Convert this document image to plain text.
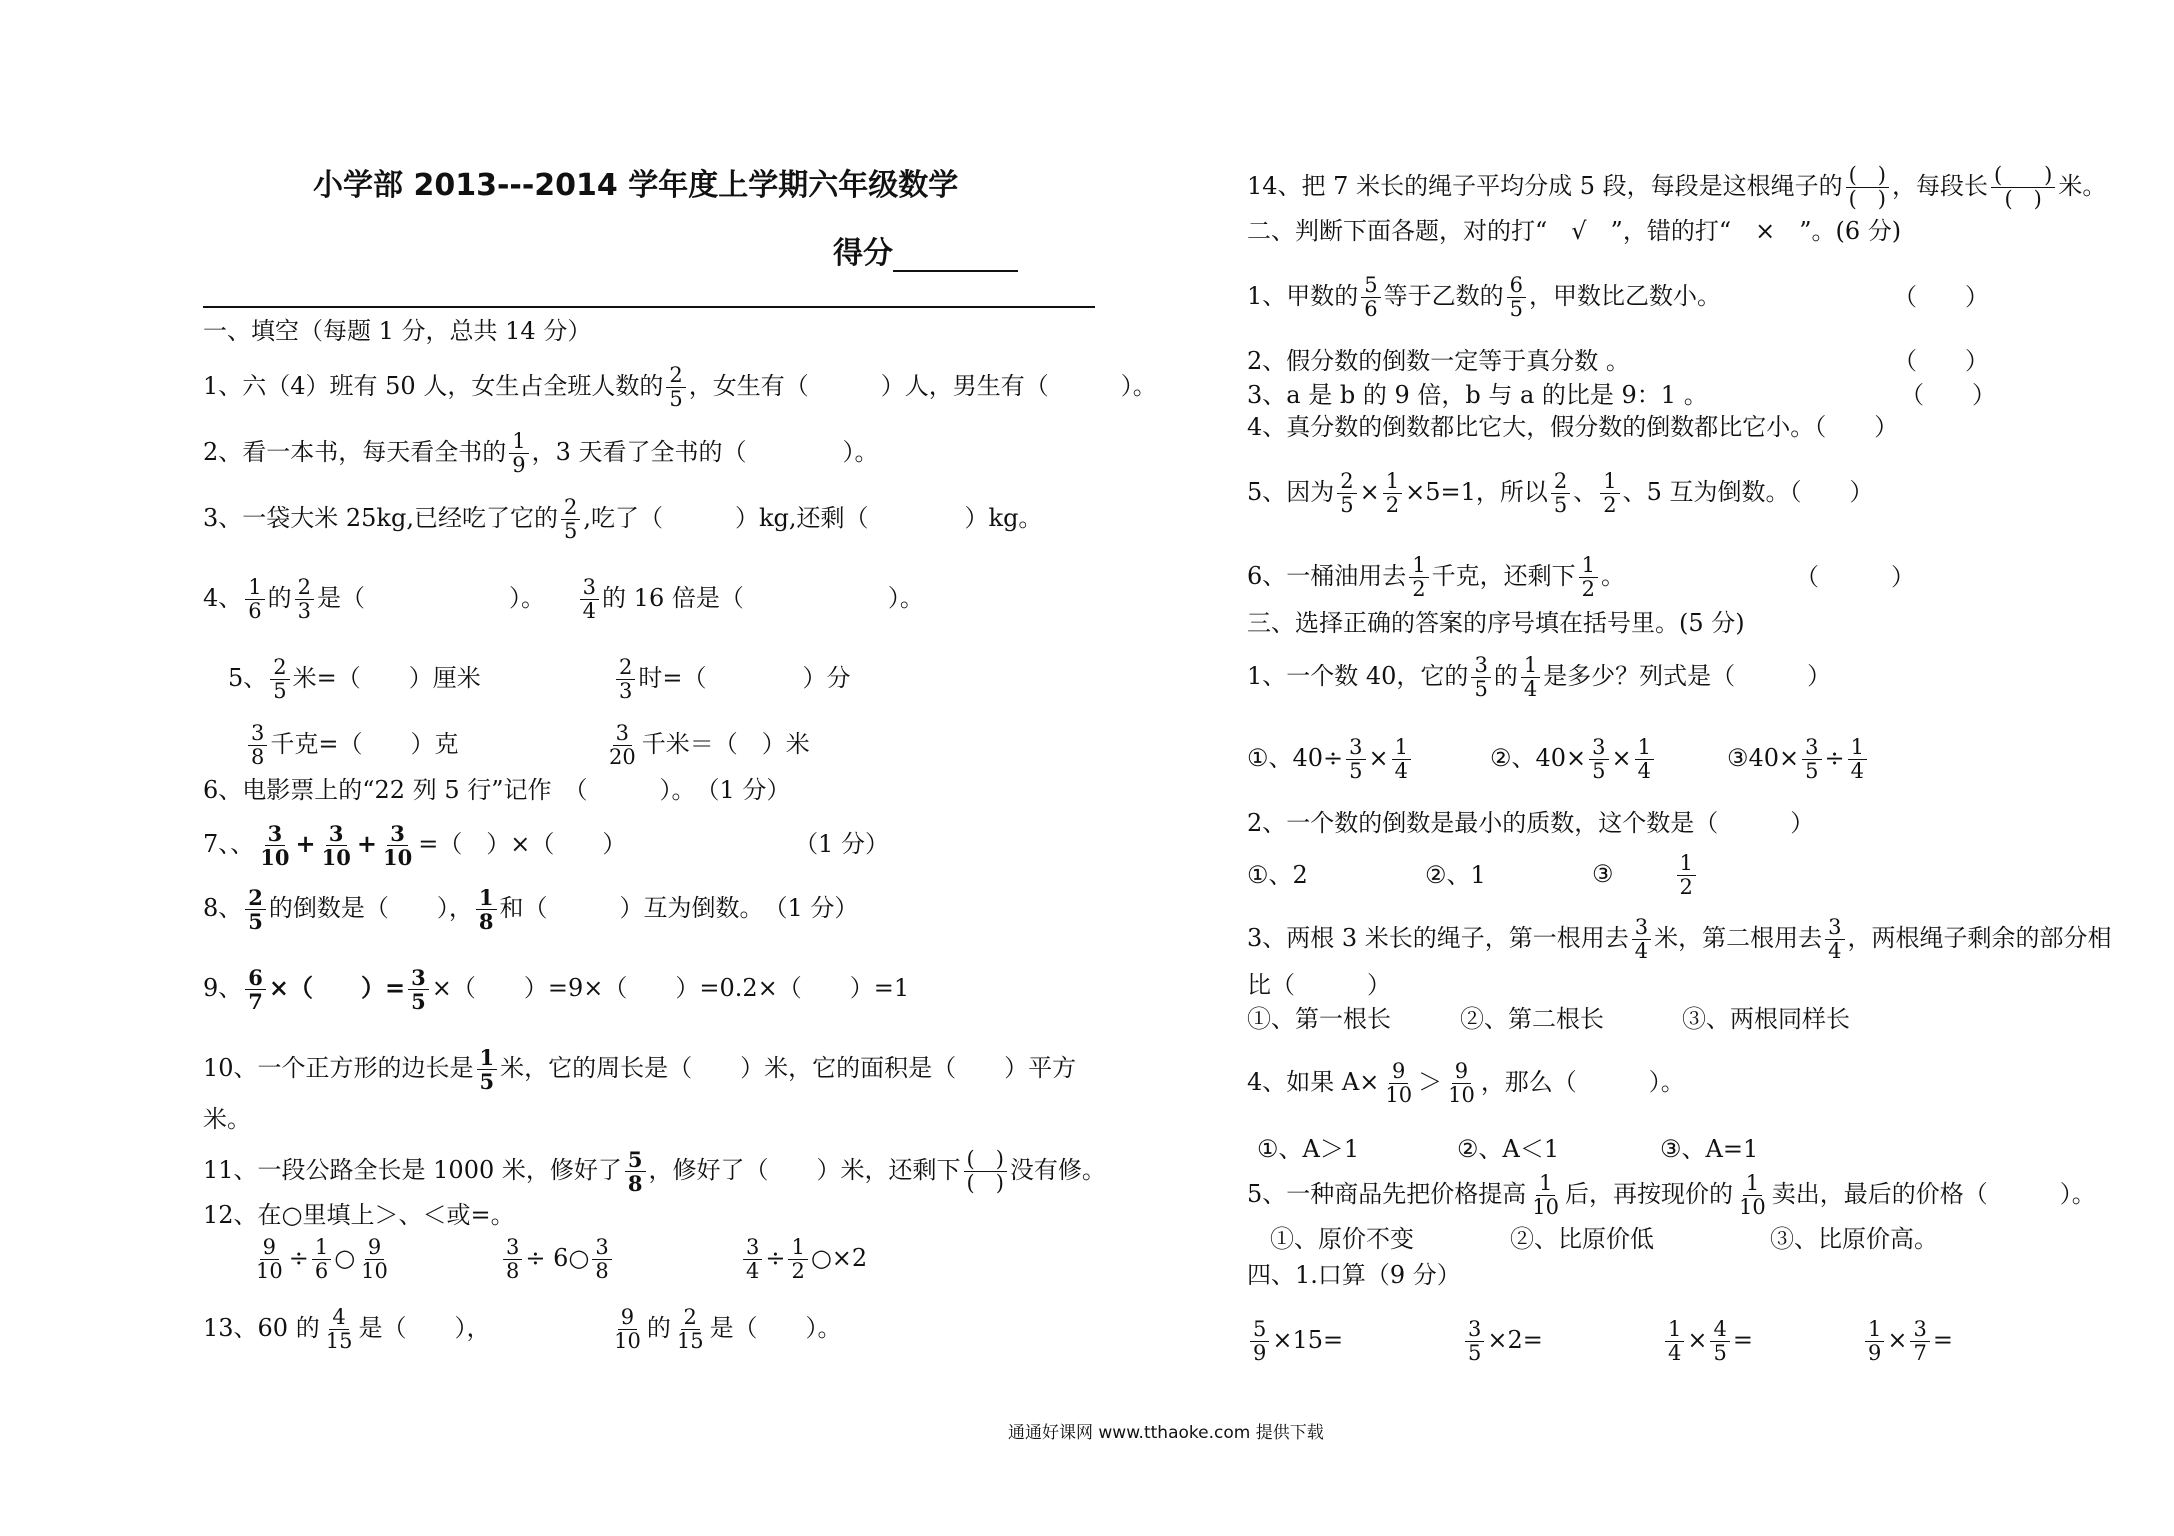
小学部 2013---2014 学年度上学期六年级数学
得分
一、填空（每题 1 分，总共 14 分）
1、六（4）班有 50 人，女生占全班人数的 $\frac{2}{5}$ ，女生有（　　　）人，男生有（　　　）。
2、看一本书，每天看全书的 $\frac{1}{9}$ ，3 天看了全书的（　　　　）。
3、一袋大米 25kg,已经吃了它的 $\frac{2}{5}$ ,吃了（　　　）kg,还剩（　　　　）kg。
4、 $\frac{1}{6}$ 的 $\frac{2}{3}$ 是（　　　　　　）。 $\frac{3}{4}$ 的 16 倍是（　　　　　　）。
5、 $\frac{2}{5}$ 米=（　　）厘米	$\frac{2}{3}$ 时=（　　　　）分
$\frac{3}{8}$ 千克=（　　）克	$\frac{3}{20}$ 千米＝（　）米
6、电影票上的“22 列 5 行”记作　（　　　）。　（1 分）
7、、 $\frac{3}{10} + \frac{3}{10} + \frac{3}{10}$ =（　）×（　　）	（1 分）
8、 $\frac{2}{5}$ 的倒数是（　　）， $\frac{1}{8}$ 和（　　　）互为倒数。　（1 分）
9、 $\frac{6}{7}$ ×（　　）= $\frac{3}{5}$ ×（　　）=9×（　　）=0.2×（　　）=1
10、一个正方形的边长是 $\frac{1}{5}$ 米，它的周长是（　　）米，它的面积是（　　）平方
米。
11、一段公路全长是 1000 米，修好了 $\frac{5}{8}$ ，修好了（　　）米，还剩下 $\frac{( )}{( )}$ 没有修。
12、在○里填上＞、＜或=。
$\frac{9}{10} \div \frac{1}{6}$ ○ $\frac{9}{10}$	$\frac{3}{8}$ ÷ 6○ $\frac{3}{8}$	$\frac{3}{4} \div \frac{1}{2}$ ○×2
13、60 的 $\frac{4}{15}$ 是（　　），	$\frac{9}{10}$ 的 $\frac{2}{15}$ 是（　　）。
14、把 7 米长的绳子平均分成 5 段，每段是这根绳子的 $\frac{( )}{( )}$ ，每段长 $\frac{( )}{( )}$ 米。
二、判断下面各题，对的打“　√　”，错的打“　×　”。(6 分)
1、甲数的 $\frac{5}{6}$ 等于乙数的 $\frac{6}{5}$ ，甲数比乙数小。	（　　）
2、假分数的倒数一定等于真分数 。	（　　）
3、a 是 b 的 9 倍，b 与 a 的比是 9：1 。	（　　）
4、真分数的倒数都比它大，假分数的倒数都比它小。（　　）
5、因为 $\frac{2}{5} \times \frac{1}{2} \times 5=1$，所以 $\frac{2}{5}$ 、 $\frac{1}{2}$ 、5 互为倒数。（　　）
6、一桶油用去 $\frac{1}{2}$ 千克，还剩下 $\frac{1}{2}$ 。	（　　　）
三、选择正确的答案的序号填在括号里。(5 分)
1、一个数 40，它的 $\frac{3}{5}$ 的 $\frac{1}{4}$ 是多少？列式是（　　　）
①、$40\div \frac{3}{5} \times \frac{1}{4}$	②、$40\times \frac{3}{5} \times \frac{1}{4}$	③40× $\frac{3}{5} \div \frac{1}{4}$
2、一个数的倒数是最小的质数，这个数是（　　　）
①、2	②、1	③	$\frac{1}{2}$
3、两根 3 米长的绳子，第一根用去 $\frac{3}{4}$ 米，第二根用去 $\frac{3}{4}$ ，两根绳子剩余的部分相
比（　　　）
①、第一根长	②、第二根长	③、两根同样长
4、如果 $A\times \frac{9}{10} > \frac{9}{10}$ ，那么（　　　）。
①、A＞1	②、A＜1	③、A=1
5、一种商品先把价格提高 $\frac{1}{10}$ 后，再按现价的 $\frac{1}{10}$ 卖出，最后的价格（　　　）。
①、原价不变	②、比原价低	③、比原价高。
四、1.口算（9 分）
$\frac{5}{9} \times 15=$	$\frac{3}{5} \times 2=$	$\frac{1}{4} \times \frac{4}{5}$ =	$\frac{1}{9} \times \frac{3}{7}$ =
通通好课网 www.tthaoke.com 提供下载
